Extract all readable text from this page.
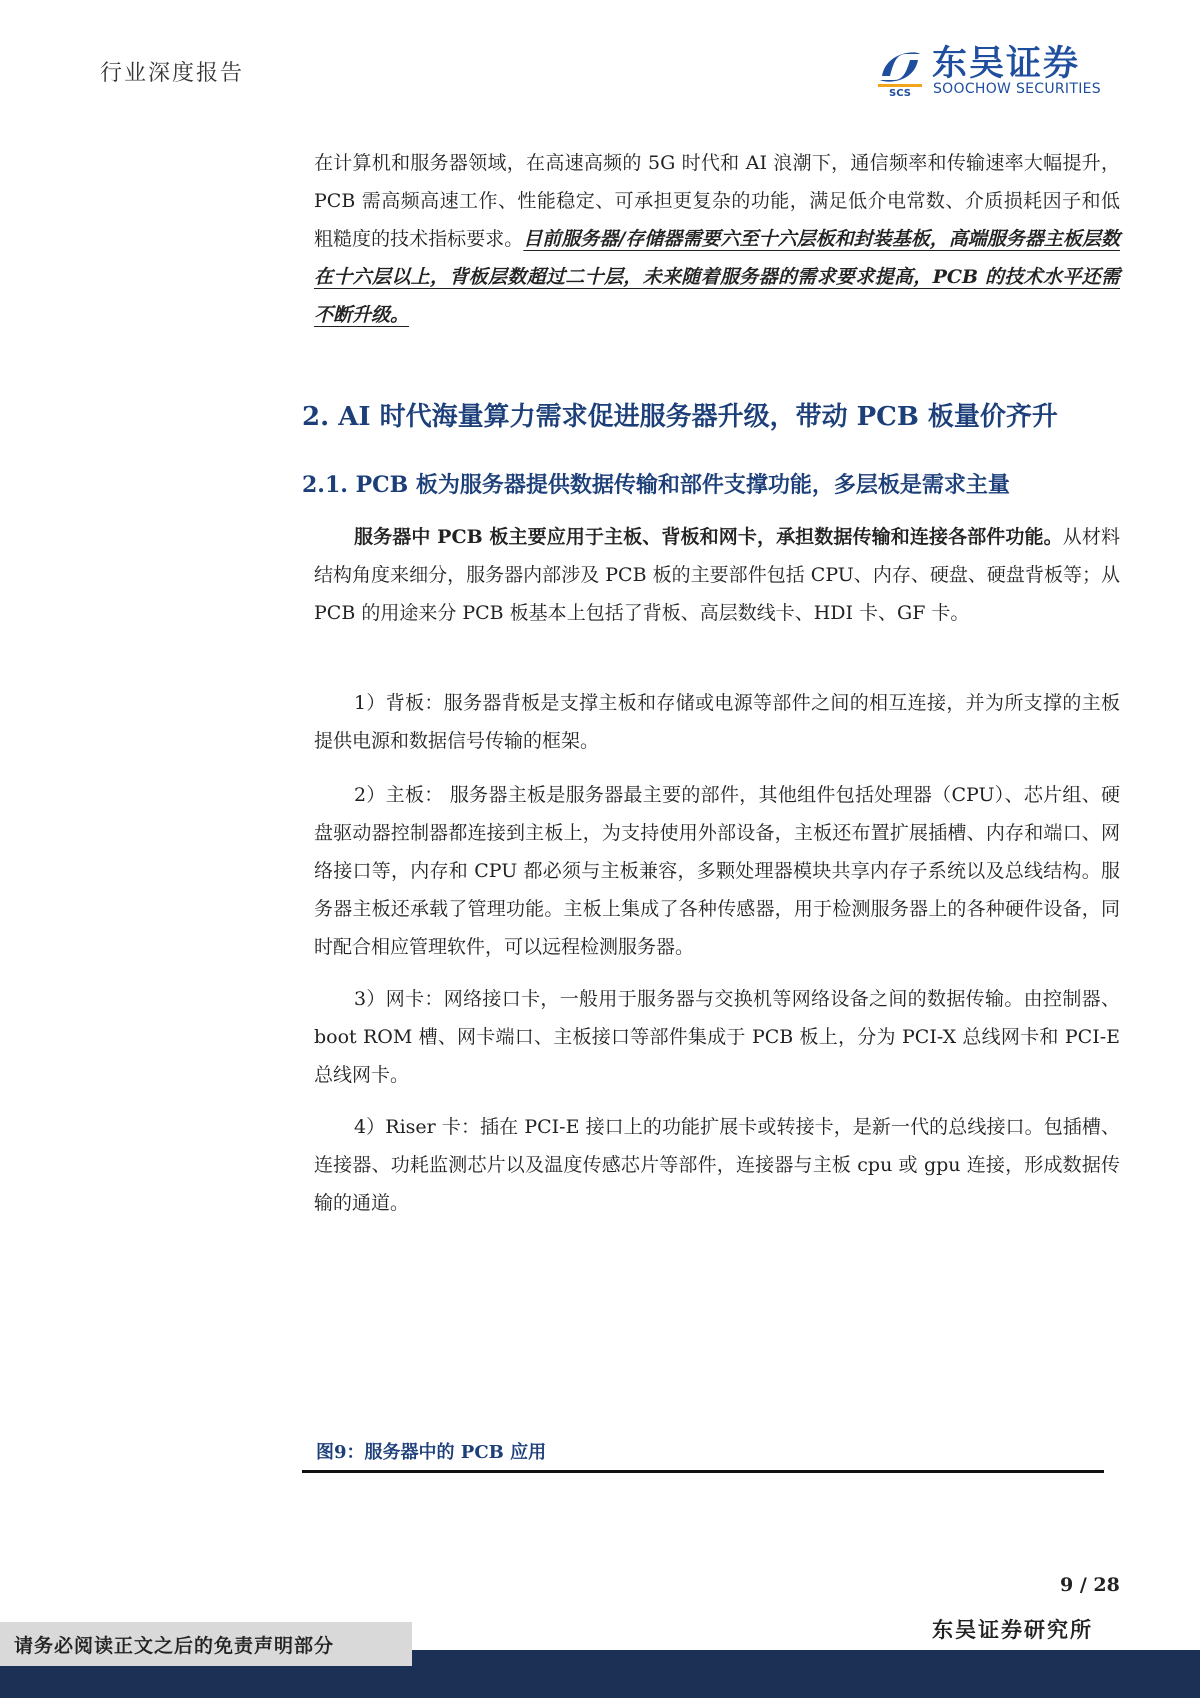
行业深度报告
SCS
东吴证券
SOOCHOW SECURITIES
在计算机和服务器领域，在高速高频的 5G 时代和 AI 浪潮下，通信频率和传输速率大幅提升，PCB 需高频高速工作、性能稳定、可承担更复杂的功能，满足低介电常数、介质损耗因子和低粗糙度的技术指标要求。目前服务器/存储器需要六至十六层板和封装基板，高端服务器主板层数在十六层以上，背板层数超过二十层，未来随着服务器的需求要求提高，PCB 的技术水平还需不断升级。
2. AI 时代海量算力需求促进服务器升级，带动 PCB 板量价齐升
2.1. PCB 板为服务器提供数据传输和部件支撑功能，多层板是需求主量
服务器中 PCB 板主要应用于主板、背板和网卡，承担数据传输和连接各部件功能。从材料结构角度来细分，服务器内部涉及 PCB 板的主要部件包括 CPU、内存、硬盘、硬盘背板等；从 PCB 的用途来分 PCB 板基本上包括了背板、高层数线卡、HDI 卡、GF 卡。
1）背板：服务器背板是支撑主板和存储或电源等部件之间的相互连接，并为所支撑的主板提供电源和数据信号传输的框架。
2）主板： 服务器主板是服务器最主要的部件，其他组件包括处理器（CPU）、芯片组、硬盘驱动器控制器都连接到主板上，为支持使用外部设备，主板还布置扩展插槽、内存和端口、网络接口等，内存和 CPU 都必须与主板兼容，多颗处理器模块共享内存子系统以及总线结构。服务器主板还承载了管理功能。主板上集成了各种传感器，用于检测服务器上的各种硬件设备，同时配合相应管理软件，可以远程检测服务器。
3）网卡：网络接口卡，一般用于服务器与交换机等网络设备之间的数据传输。由控制器、boot ROM 槽、网卡端口、主板接口等部件集成于 PCB 板上，分为 PCI-X 总线网卡和 PCI-E 总线网卡。
4）Riser 卡：插在 PCI-E 接口上的功能扩展卡或转接卡，是新一代的总线接口。包插槽、连接器、功耗监测芯片以及温度传感芯片等部件，连接器与主板 cpu 或 gpu 连接，形成数据传输的通道。
图9：服务器中的 PCB 应用
9 / 28
东吴证券研究所
请务必阅读正文之后的免责声明部分
